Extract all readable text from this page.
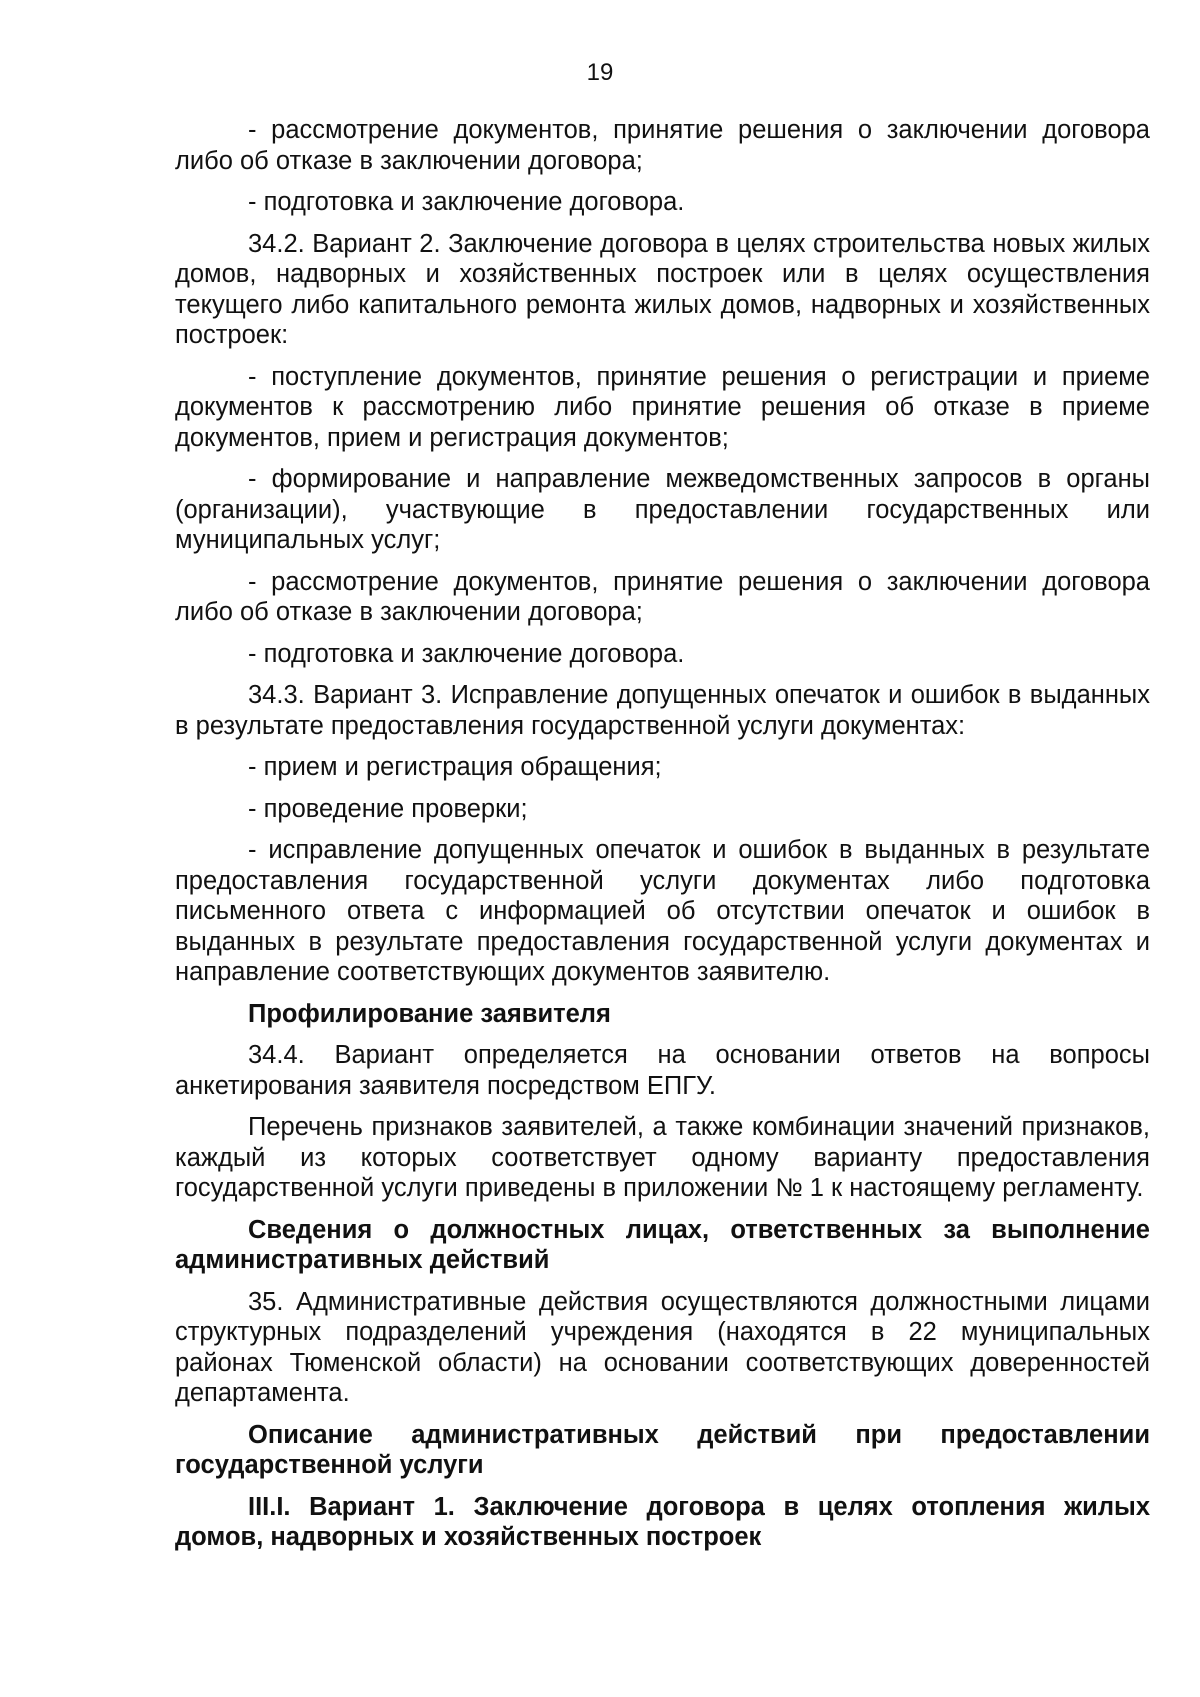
19

- рассмотрение документов, принятие решения о заключении договора либо об отказе в заключении договора;

- подготовка и заключение договора.

34.2. Вариант 2. Заключение договора в целях строительства новых жилых домов, надворных и хозяйственных построек или в целях осуществления текущего либо капитального ремонта жилых домов, надворных и хозяйственных построек:

- поступление документов, принятие решения о регистрации и приеме документов к рассмотрению либо принятие решения об отказе в приеме документов, прием и регистрация документов;

- формирование и направление межведомственных запросов в органы (организации), участвующие в предоставлении государственных или муниципальных услуг;

- рассмотрение документов, принятие решения о заключении договора либо об отказе в заключении договора;

- подготовка и заключение договора.

34.3. Вариант 3. Исправление допущенных опечаток и ошибок в выданных в результате предоставления государственной услуги документах:

- прием и регистрация обращения;

- проведение проверки;

- исправление допущенных опечаток и ошибок в выданных в результате предоставления государственной услуги документах либо подготовка письменного ответа с информацией об отсутствии опечаток и ошибок в выданных в результате предоставления государственной услуги документах и направление соответствующих документов заявителю.

Профилирование заявителя

34.4. Вариант определяется на основании ответов на вопросы анкетирования заявителя посредством ЕПГУ.

Перечень признаков заявителей, а также комбинации значений признаков, каждый из которых соответствует одному варианту предоставления государственной услуги приведены в приложении № 1 к настоящему регламенту.

Сведения о должностных лицах, ответственных за выполнение административных действий

35. Административные действия осуществляются должностными лицами структурных подразделений учреждения (находятся в 22 муниципальных районах Тюменской области) на основании соответствующих доверенностей департамента.

Описание административных действий при предоставлении государственной услуги

III.I. Вариант 1. Заключение договора в целях отопления жилых домов, надворных и хозяйственных построек
